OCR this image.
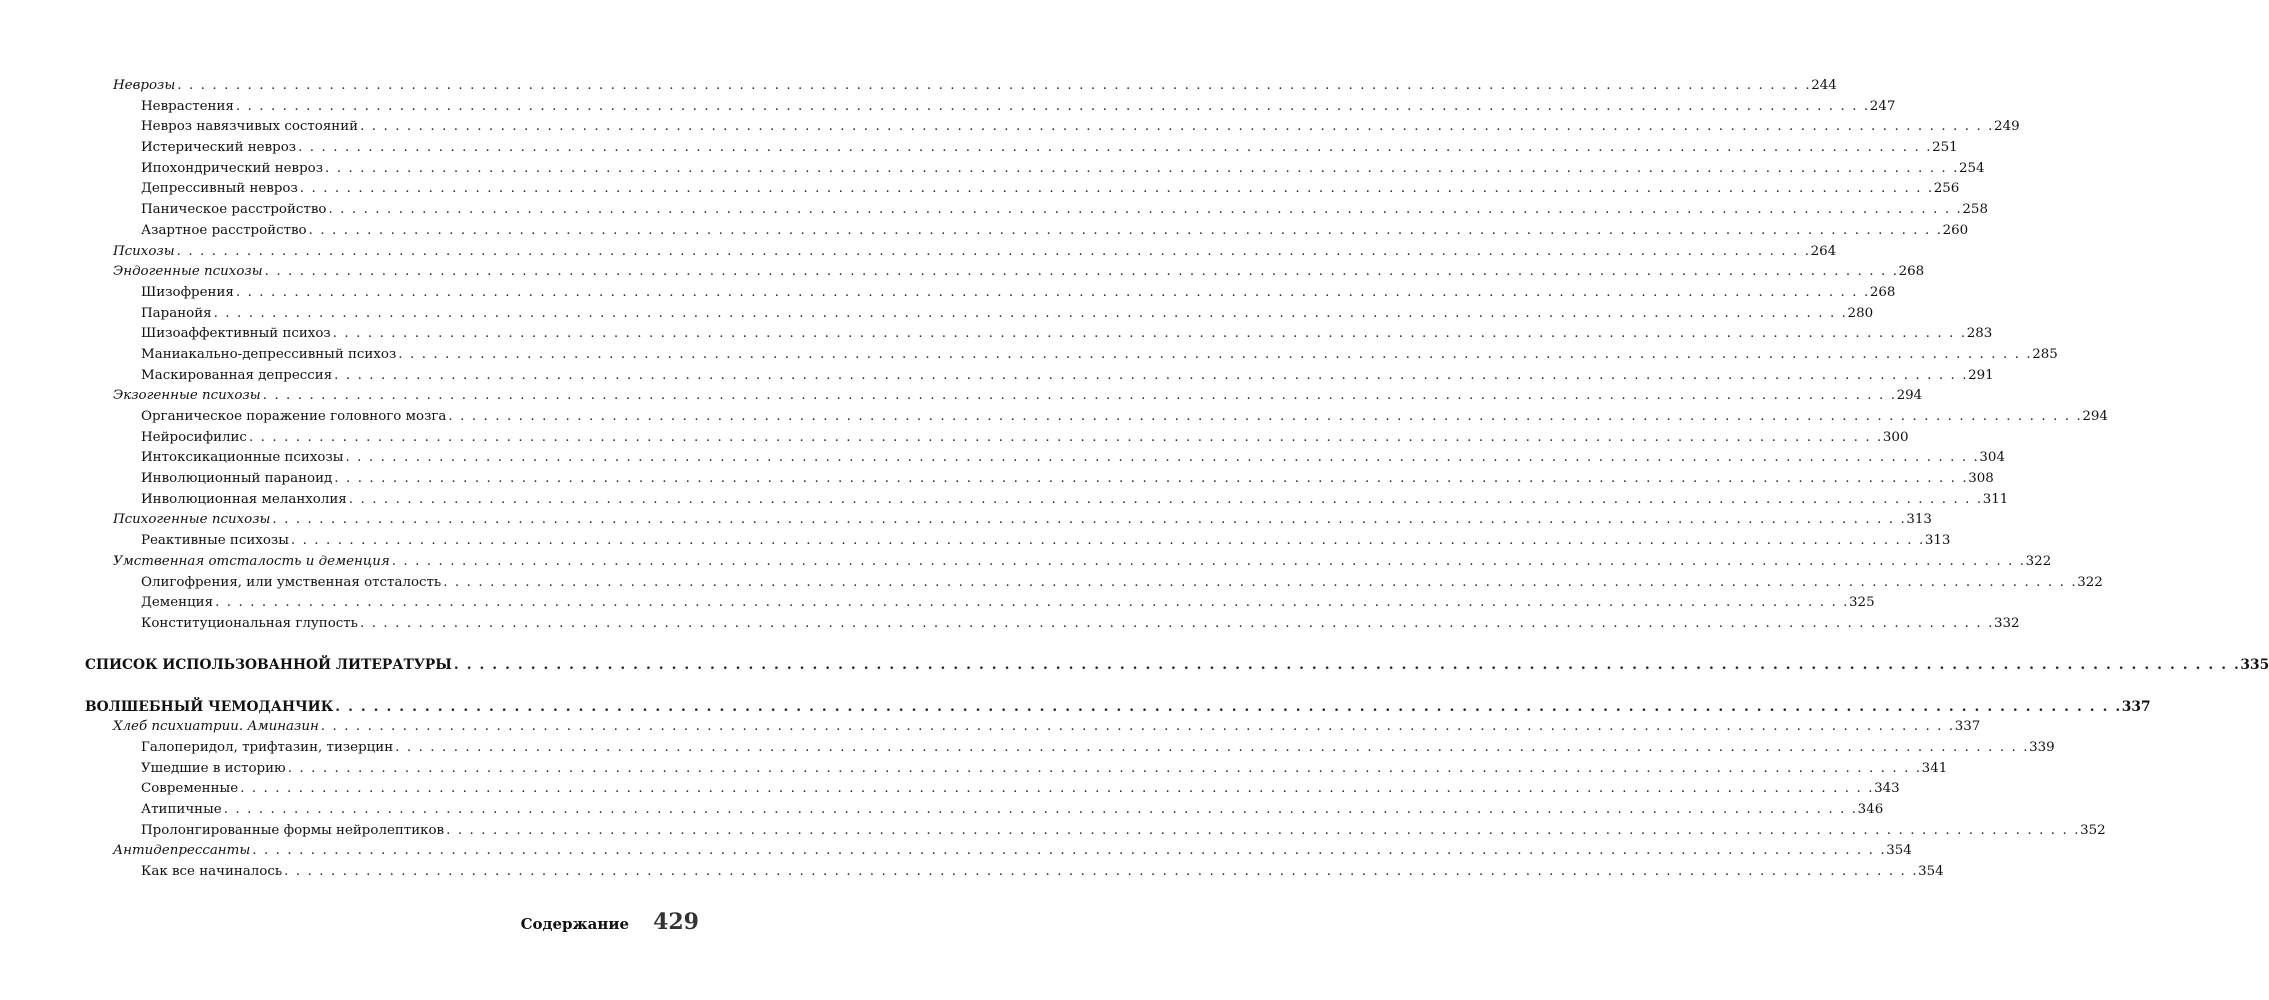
Неврозы . . . . . . . . . . . . . . . . . . . . . . . . . . . . . . . . . . . . . . . . . . . . . . . . . . . . . . . . . . . . . . . . . . . . . . . . . . . . . . . . . . . . . . . . . . . . . . . . . . . . . . . . . . . . . . . . . . . . . . . . . . . . . . . . . . . . . . . . . . . . 244
Неврастения . . . . . . . . . . . . . . . . . . . . . . . . . . . . . . . . . . . . . . . . . . . . . . . . . . . . . . . . . . . . . . . . . . . . . . . . . . . . . . . . . . . . . . . . . . . . . . . . . . . . . . . . . . . . . . . . . . . . . . . . . . . . . . . . . . . . . . . . . . . . 247
Невроз навязчивых состояний . . . . . . . . . . . . . . . . . . . . . . . . . . . . . . . . . . . . . . . . . . . . . . . . . . . . . . . . . . . . . . . . . . . . . . . . . . . . . . . . . . . . . . . . . . . . . . . . . . . . . . . . . . . . . . . . . . . . . . . . . . . . . . . . . . . . . . . . . . . . 249
Истерический невроз . . . . . . . . . . . . . . . . . . . . . . . . . . . . . . . . . . . . . . . . . . . . . . . . . . . . . . . . . . . . . . . . . . . . . . . . . . . . . . . . . . . . . . . . . . . . . . . . . . . . . . . . . . . . . . . . . . . . . . . . . . . . . . . . . . . . . . . . . . . . 251
Ипохондрический невроз . . . . . . . . . . . . . . . . . . . . . . . . . . . . . . . . . . . . . . . . . . . . . . . . . . . . . . . . . . . . . . . . . . . . . . . . . . . . . . . . . . . . . . . . . . . . . . . . . . . . . . . . . . . . . . . . . . . . . . . . . . . . . . . . . . . . . . . . . . . . 254
Депрессивный невроз . . . . . . . . . . . . . . . . . . . . . . . . . . . . . . . . . . . . . . . . . . . . . . . . . . . . . . . . . . . . . . . . . . . . . . . . . . . . . . . . . . . . . . . . . . . . . . . . . . . . . . . . . . . . . . . . . . . . . . . . . . . . . . . . . . . . . . . . . . . . 256
Паническое расстройство . . . . . . . . . . . . . . . . . . . . . . . . . . . . . . . . . . . . . . . . . . . . . . . . . . . . . . . . . . . . . . . . . . . . . . . . . . . . . . . . . . . . . . . . . . . . . . . . . . . . . . . . . . . . . . . . . . . . . . . . . . . . . . . . . . . . . . . . . . . . 258
Азартное расстройство . . . . . . . . . . . . . . . . . . . . . . . . . . . . . . . . . . . . . . . . . . . . . . . . . . . . . . . . . . . . . . . . . . . . . . . . . . . . . . . . . . . . . . . . . . . . . . . . . . . . . . . . . . . . . . . . . . . . . . . . . . . . . . . . . . . . . . . . . . . . 260
Психозы . . . . . . . . . . . . . . . . . . . . . . . . . . . . . . . . . . . . . . . . . . . . . . . . . . . . . . . . . . . . . . . . . . . . . . . . . . . . . . . . . . . . . . . . . . . . . . . . . . . . . . . . . . . . . . . . . . . . . . . . . . . . . . . . . . . . . . . . . . . . 264
Эндогенные психозы . . . . . . . . . . . . . . . . . . . . . . . . . . . . . . . . . . . . . . . . . . . . . . . . . . . . . . . . . . . . . . . . . . . . . . . . . . . . . . . . . . . . . . . . . . . . . . . . . . . . . . . . . . . . . . . . . . . . . . . . . . . . . . . . . . . . . . . . . . . . 268
Шизофрения . . . . . . . . . . . . . . . . . . . . . . . . . . . . . . . . . . . . . . . . . . . . . . . . . . . . . . . . . . . . . . . . . . . . . . . . . . . . . . . . . . . . . . . . . . . . . . . . . . . . . . . . . . . . . . . . . . . . . . . . . . . . . . . . . . . . . . . . . . . . 268
Паранойя . . . . . . . . . . . . . . . . . . . . . . . . . . . . . . . . . . . . . . . . . . . . . . . . . . . . . . . . . . . . . . . . . . . . . . . . . . . . . . . . . . . . . . . . . . . . . . . . . . . . . . . . . . . . . . . . . . . . . . . . . . . . . . . . . . . . . . . . . . . . 280
Шизоаффективный психоз . . . . . . . . . . . . . . . . . . . . . . . . . . . . . . . . . . . . . . . . . . . . . . . . . . . . . . . . . . . . . . . . . . . . . . . . . . . . . . . . . . . . . . . . . . . . . . . . . . . . . . . . . . . . . . . . . . . . . . . . . . . . . . . . . . . . . . . . . . . . 283
Маниакально-депрессивный психоз . . . . . . . . . . . . . . . . . . . . . . . . . . . . . . . . . . . . . . . . . . . . . . . . . . . . . . . . . . . . . . . . . . . . . . . . . . . . . . . . . . . . . . . . . . . . . . . . . . . . . . . . . . . . . . . . . . . . . . . . . . . . . . . . . . . . . . . . . . . . 285
Маскированная депрессия . . . . . . . . . . . . . . . . . . . . . . . . . . . . . . . . . . . . . . . . . . . . . . . . . . . . . . . . . . . . . . . . . . . . . . . . . . . . . . . . . . . . . . . . . . . . . . . . . . . . . . . . . . . . . . . . . . . . . . . . . . . . . . . . . . . . . . . . . . . . 291
Экзогенные психозы . . . . . . . . . . . . . . . . . . . . . . . . . . . . . . . . . . . . . . . . . . . . . . . . . . . . . . . . . . . . . . . . . . . . . . . . . . . . . . . . . . . . . . . . . . . . . . . . . . . . . . . . . . . . . . . . . . . . . . . . . . . . . . . . . . . . . . . . . . . . 294
Органическое поражение головного мозга . . . . . . . . . . . . . . . . . . . . . . . . . . . . . . . . . . . . . . . . . . . . . . . . . . . . . . . . . . . . . . . . . . . . . . . . . . . . . . . . . . . . . . . . . . . . . . . . . . . . . . . . . . . . . . . . . . . . . . . . . . . . . . . . . . . . . . . . . . . . 294
Нейросифилис . . . . . . . . . . . . . . . . . . . . . . . . . . . . . . . . . . . . . . . . . . . . . . . . . . . . . . . . . . . . . . . . . . . . . . . . . . . . . . . . . . . . . . . . . . . . . . . . . . . . . . . . . . . . . . . . . . . . . . . . . . . . . . . . . . . . . . . . . . . . 300
Интоксикационные психозы . . . . . . . . . . . . . . . . . . . . . . . . . . . . . . . . . . . . . . . . . . . . . . . . . . . . . . . . . . . . . . . . . . . . . . . . . . . . . . . . . . . . . . . . . . . . . . . . . . . . . . . . . . . . . . . . . . . . . . . . . . . . . . . . . . . . . . . . . . . . 304
Инволюционный параноид . . . . . . . . . . . . . . . . . . . . . . . . . . . . . . . . . . . . . . . . . . . . . . . . . . . . . . . . . . . . . . . . . . . . . . . . . . . . . . . . . . . . . . . . . . . . . . . . . . . . . . . . . . . . . . . . . . . . . . . . . . . . . . . . . . . . . . . . . . . . 308
Инволюционная меланхолия . . . . . . . . . . . . . . . . . . . . . . . . . . . . . . . . . . . . . . . . . . . . . . . . . . . . . . . . . . . . . . . . . . . . . . . . . . . . . . . . . . . . . . . . . . . . . . . . . . . . . . . . . . . . . . . . . . . . . . . . . . . . . . . . . . . . . . . . . . . . 311
Психогенные психозы . . . . . . . . . . . . . . . . . . . . . . . . . . . . . . . . . . . . . . . . . . . . . . . . . . . . . . . . . . . . . . . . . . . . . . . . . . . . . . . . . . . . . . . . . . . . . . . . . . . . . . . . . . . . . . . . . . . . . . . . . . . . . . . . . . . . . . . . . . . . 313
Реактивные психозы . . . . . . . . . . . . . . . . . . . . . . . . . . . . . . . . . . . . . . . . . . . . . . . . . . . . . . . . . . . . . . . . . . . . . . . . . . . . . . . . . . . . . . . . . . . . . . . . . . . . . . . . . . . . . . . . . . . . . . . . . . . . . . . . . . . . . . . . . . . . 313
Умственная отсталость и деменция . . . . . . . . . . . . . . . . . . . . . . . . . . . . . . . . . . . . . . . . . . . . . . . . . . . . . . . . . . . . . . . . . . . . . . . . . . . . . . . . . . . . . . . . . . . . . . . . . . . . . . . . . . . . . . . . . . . . . . . . . . . . . . . . . . . . . . . . . . . . 322
Олигофрения, или умственная отсталость . . . . . . . . . . . . . . . . . . . . . . . . . . . . . . . . . . . . . . . . . . . . . . . . . . . . . . . . . . . . . . . . . . . . . . . . . . . . . . . . . . . . . . . . . . . . . . . . . . . . . . . . . . . . . . . . . . . . . . . . . . . . . . . . . . . . . . . . . . . . 322
Деменция . . . . . . . . . . . . . . . . . . . . . . . . . . . . . . . . . . . . . . . . . . . . . . . . . . . . . . . . . . . . . . . . . . . . . . . . . . . . . . . . . . . . . . . . . . . . . . . . . . . . . . . . . . . . . . . . . . . . . . . . . . . . . . . . . . . . . . . . . . . . 325
Конституциональная глупость . . . . . . . . . . . . . . . . . . . . . . . . . . . . . . . . . . . . . . . . . . . . . . . . . . . . . . . . . . . . . . . . . . . . . . . . . . . . . . . . . . . . . . . . . . . . . . . . . . . . . . . . . . . . . . . . . . . . . . . . . . . . . . . . . . . . . . . . . . . . 332
СПИСОК ИСПОЛЬЗОВАННОЙ ЛИТЕРАТУРЫ . . . . . . . . . . . . . . . . . . . . . . . . . . . . . . . . . . . . . . . . . . . . . . . . . . . . . . . . . . . . . . . . . . . . . . . . . . . . . . . . . . . . . . . . . . . . . . . . . . . . . . . . . . . . . . . . . . . . . . . . . . . . . . . . . . . . . . . . . . . . 335
ВОЛШЕБНЫЙ ЧЕМОДАНЧИК . . . . . . . . . . . . . . . . . . . . . . . . . . . . . . . . . . . . . . . . . . . . . . . . . . . . . . . . . . . . . . . . . . . . . . . . . . . . . . . . . . . . . . . . . . . . . . . . . . . . . . . . . . . . . . . . . . . . . . . . . . . . . . . . . . . . . . . . . . . . 337
Хлеб психиатрии. Аминазин . . . . . . . . . . . . . . . . . . . . . . . . . . . . . . . . . . . . . . . . . . . . . . . . . . . . . . . . . . . . . . . . . . . . . . . . . . . . . . . . . . . . . . . . . . . . . . . . . . . . . . . . . . . . . . . . . . . . . . . . . . . . . . . . . . . . . . . . . . . . 337
Галоперидол, трифтазин, тизерцин . . . . . . . . . . . . . . . . . . . . . . . . . . . . . . . . . . . . . . . . . . . . . . . . . . . . . . . . . . . . . . . . . . . . . . . . . . . . . . . . . . . . . . . . . . . . . . . . . . . . . . . . . . . . . . . . . . . . . . . . . . . . . . . . . . . . . . . . . . . . 339
Ушедшие в историю . . . . . . . . . . . . . . . . . . . . . . . . . . . . . . . . . . . . . . . . . . . . . . . . . . . . . . . . . . . . . . . . . . . . . . . . . . . . . . . . . . . . . . . . . . . . . . . . . . . . . . . . . . . . . . . . . . . . . . . . . . . . . . . . . . . . . . . . . . . . 341
Современные . . . . . . . . . . . . . . . . . . . . . . . . . . . . . . . . . . . . . . . . . . . . . . . . . . . . . . . . . . . . . . . . . . . . . . . . . . . . . . . . . . . . . . . . . . . . . . . . . . . . . . . . . . . . . . . . . . . . . . . . . . . . . . . . . . . . . . . . . . . . 343
Атипичные . . . . . . . . . . . . . . . . . . . . . . . . . . . . . . . . . . . . . . . . . . . . . . . . . . . . . . . . . . . . . . . . . . . . . . . . . . . . . . . . . . . . . . . . . . . . . . . . . . . . . . . . . . . . . . . . . . . . . . . . . . . . . . . . . . . . . . . . . . . . 346
Пролонгированные формы нейролептиков . . . . . . . . . . . . . . . . . . . . . . . . . . . . . . . . . . . . . . . . . . . . . . . . . . . . . . . . . . . . . . . . . . . . . . . . . . . . . . . . . . . . . . . . . . . . . . . . . . . . . . . . . . . . . . . . . . . . . . . . . . . . . . . . . . . . . . . . . . . . 352
Антидепрессанты . . . . . . . . . . . . . . . . . . . . . . . . . . . . . . . . . . . . . . . . . . . . . . . . . . . . . . . . . . . . . . . . . . . . . . . . . . . . . . . . . . . . . . . . . . . . . . . . . . . . . . . . . . . . . . . . . . . . . . . . . . . . . . . . . . . . . . . . . . . . 354
Как все начиналось . . . . . . . . . . . . . . . . . . . . . . . . . . . . . . . . . . . . . . . . . . . . . . . . . . . . . . . . . . . . . . . . . . . . . . . . . . . . . . . . . . . . . . . . . . . . . . . . . . . . . . . . . . . . . . . . . . . . . . . . . . . . . . . . . . . . . . . . . . . . 354
Содержание 429
